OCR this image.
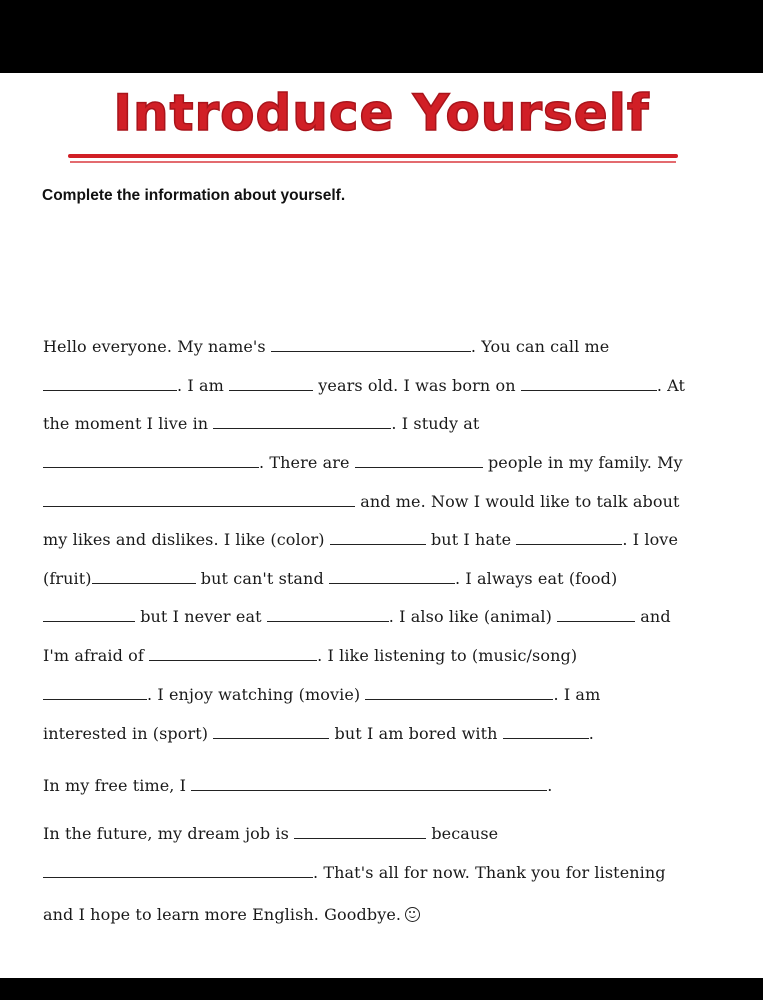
Introduce Yourself

Complete the information about yourself.

Hello everyone. My name's	. You can call me
. I am	years old. I was born on	. At
the moment I live in	. I study at
. There are	people in my family. My
and me. Now I would like to talk about
my likes and dislikes. I like (color)	but I hate	. I love
(fruit)	but can't stand	. I always eat (food)
but I never eat	. I also like (animal)	and
I'm afraid of	. I like listening to (music/song)
. I enjoy watching (movie)	. I am
interested in (sport)	but I am bored with	.
In my free time, I	.
In the future, my dream job is	because
. That's all for now. Thank you for listening
and I hope to learn more English. Goodbye.
